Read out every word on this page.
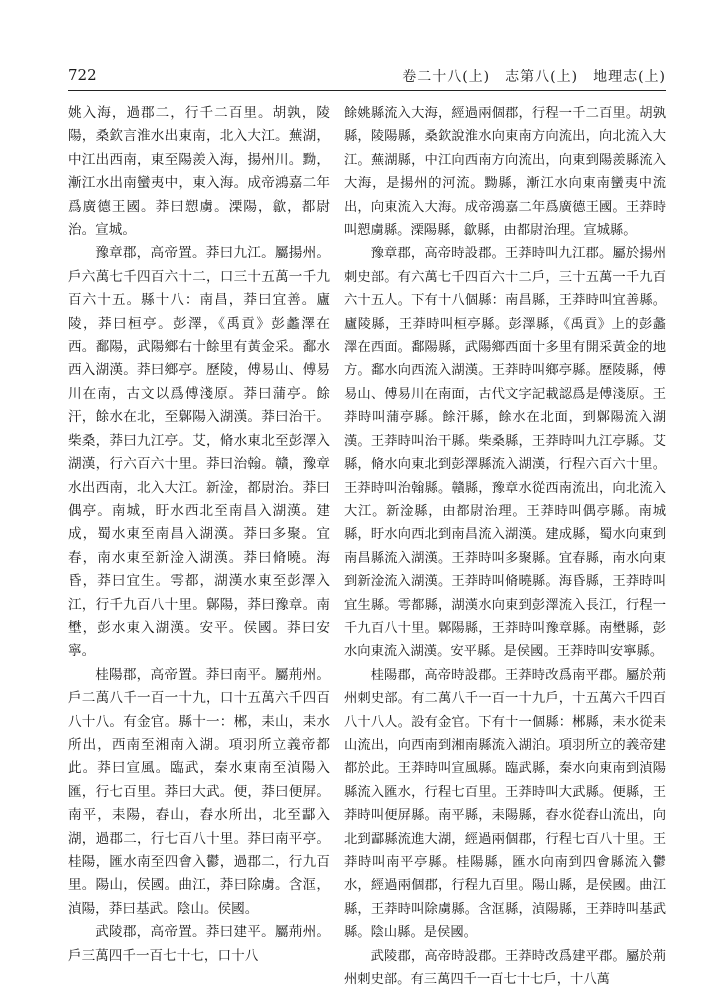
722	卷二十八(上)　志第八(上)　地理志(上)

姚入海，過郡二，行千二百里。胡孰，陵陽，桑欽言淮水出東南，北入大江。蕪湖，中江出西南，東至陽羨入海，揚州川。黝，漸江水出南蠻夷中，東入海。成帝鴻嘉二年爲廣德王國。莽曰愬虜。溧陽，歙，都尉治。宣城。

豫章郡，高帝置。莽曰九江。屬揚州。戶六萬七千四百六十二，口三十五萬一千九百六十五。縣十八：南昌，莽曰宜善。廬陵，莽曰桓亭。彭澤，《禹貢》彭蠡澤在西。鄱陽，武陽鄉右十餘里有黃金采。鄱水西入湖漢。莽曰鄉亭。歷陵，傅易山、傅易川在南，古文以爲傅淺原。莽曰蒲亭。餘汗，餘水在北，至鄡陽入湖漢。莽曰治干。柴桑，莽曰九江亭。艾，脩水東北至彭澤入湖漢，行六百六十里。莽曰治翰。贛，豫章水出西南，北入大江。新淦，都尉治。莽曰偶亭。南城，盱水西北至南昌入湖漢。建成，蜀水東至南昌入湖漢。莽曰多聚。宜春，南水東至新淦入湖漢。莽曰脩曉。海昏，莽曰宜生。雩都，湖漢水東至彭澤入江，行千九百八十里。鄡陽，莽曰豫章。南壄，彭水東入湖漢。安平。侯國。莽曰安寧。

桂陽郡，高帝置。莽曰南平。屬荊州。戶二萬八千一百一十九，口十五萬六千四百八十八。有金官。縣十一：郴，耒山，耒水所出，西南至湘南入湖。項羽所立義帝都此。莽曰宣風。臨武，秦水東南至湞陽入匯，行七百里。莽曰大武。便，莽曰便屏。南平，耒陽，舂山，舂水所出，北至酃入湖，過郡二，行七百八十里。莽曰南平亭。桂陽，匯水南至四會入鬱，過郡二，行九百里。陽山，侯國。曲江，莽曰除虜。含洭，湞陽，莽曰基武。陰山。侯國。

武陵郡，高帝置。莽曰建平。屬荊州。戶三萬四千一百七十七，口十八

餘姚縣流入大海，經過兩個郡，行程一千二百里。胡孰縣，陵陽縣，桑欽說淮水向東南方向流出，向北流入大江。蕪湖縣，中江向西南方向流出，向東到陽羨縣流入大海，是揚州的河流。黝縣，漸江水向東南蠻夷中流出，向東流入大海。成帝鴻嘉二年爲廣德王國。王莽時叫愬虜縣。溧陽縣，歙縣，由都尉治理。宣城縣。

豫章郡，高帝時設郡。王莽時叫九江郡。屬於揚州刺史部。有六萬七千四百六十二戶，三十五萬一千九百六十五人。下有十八個縣：南昌縣，王莽時叫宜善縣。廬陵縣，王莽時叫桓亭縣。彭澤縣，《禹貢》上的彭蠡澤在西面。鄱陽縣，武陽鄉西面十多里有開采黃金的地方。鄱水向西流入湖漢。王莽時叫鄉亭縣。歷陵縣，傅易山、傅易川在南面，古代文字記載認爲是傅淺原。王莽時叫蒲亭縣。餘汗縣，餘水在北面，到鄡陽流入湖漢。王莽時叫治干縣。柴桑縣，王莽時叫九江亭縣。艾縣，脩水向東北到彭澤縣流入湖漢，行程六百六十里。王莽時叫治翰縣。贛縣，豫章水從西南流出，向北流入大江。新淦縣，由都尉治理。王莽時叫偶亭縣。南城縣，盱水向西北到南昌流入湖漢。建成縣，蜀水向東到南昌縣流入湖漢。王莽時叫多聚縣。宜春縣，南水向東到新淦流入湖漢。王莽時叫脩曉縣。海昏縣，王莽時叫宜生縣。雩都縣，湖漢水向東到彭澤流入長江，行程一千九百八十里。鄡陽縣，王莽時叫豫章縣。南壄縣，彭水向東流入湖漢。安平縣。是侯國。王莽時叫安寧縣。

桂陽郡，高帝時設郡。王莽時改爲南平郡。屬於荊州刺史部。有二萬八千一百一十九戶，十五萬六千四百八十八人。設有金官。下有十一個縣：郴縣，耒水從耒山流出，向西南到湘南縣流入湖泊。項羽所立的義帝建都於此。王莽時叫宣風縣。臨武縣，秦水向東南到湞陽縣流入匯水，行程七百里。王莽時叫大武縣。便縣，王莽時叫便屏縣。南平縣，耒陽縣，舂水從舂山流出，向北到酃縣流進大湖，經過兩個郡，行程七百八十里。王莽時叫南平亭縣。桂陽縣，匯水向南到四會縣流入鬱水，經過兩個郡，行程九百里。陽山縣，是侯國。曲江縣，王莽時叫除虜縣。含洭縣，湞陽縣，王莽時叫基武縣。陰山縣。是侯國。

武陵郡，高帝時設郡。王莽時改爲建平郡。屬於荊州刺史部。有三萬四千一百七十七戶，十八萬
